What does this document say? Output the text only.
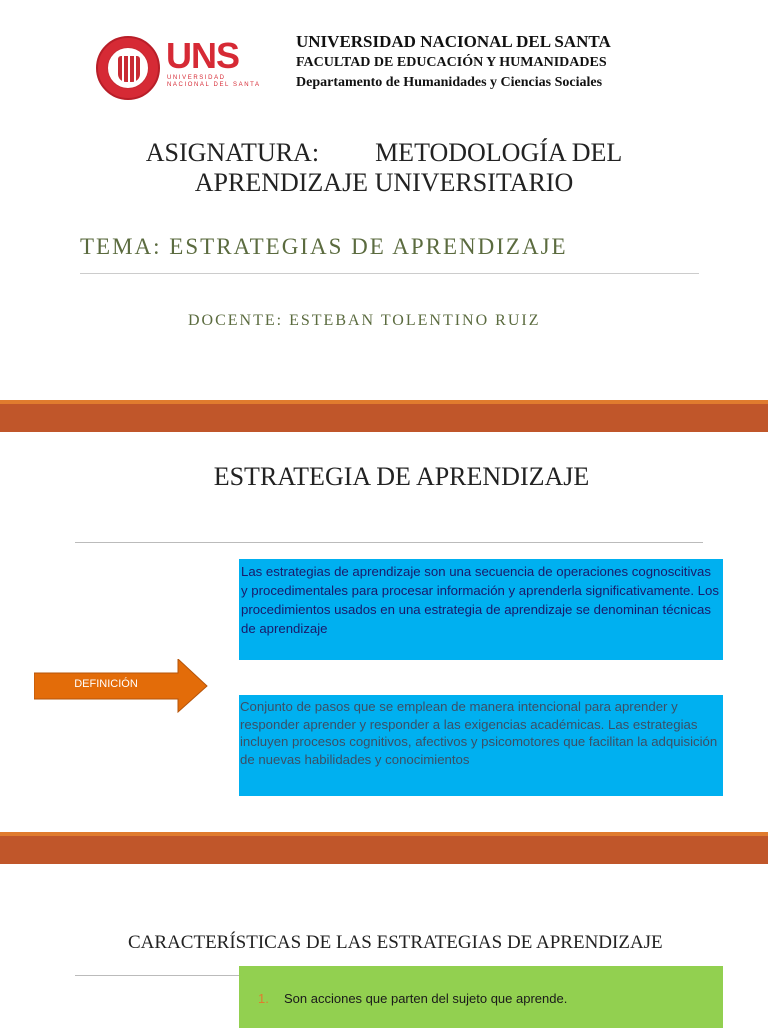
UNS
UNIVERSIDAD
NACIONAL DEL SANTA
UNIVERSIDAD NACIONAL DEL SANTA
FACULTAD DE EDUCACIÓN Y HUMANIDADES
Departamento de Humanidades y Ciencias Sociales
ASIGNATURA: METODOLOGÍA DEL
APRENDIZAJE UNIVERSITARIO
TEMA: ESTRATEGIAS DE APRENDIZAJE
DOCENTE: ESTEBAN TOLENTINO RUIZ
ESTRATEGIA DE APRENDIZAJE
Las estrategias de aprendizaje son una secuencia de operaciones cognoscitivas y procedimentales para procesar información y aprenderla significativamente. Los procedimientos usados en una estrategia de aprendizaje se denominan técnicas de aprendizaje
DEFINICIÓN
Conjunto de pasos que se emplean de manera intencional para aprender y responder aprender y responder a las exigencias académicas. Las estrategias incluyen procesos cognitivos, afectivos y psicomotores que facilitan la adquisición de nuevas habilidades y conocimientos
CARACTERÍSTICAS DE LAS ESTRATEGIAS DE APRENDIZAJE
1. Son acciones que parten del sujeto que aprende.
